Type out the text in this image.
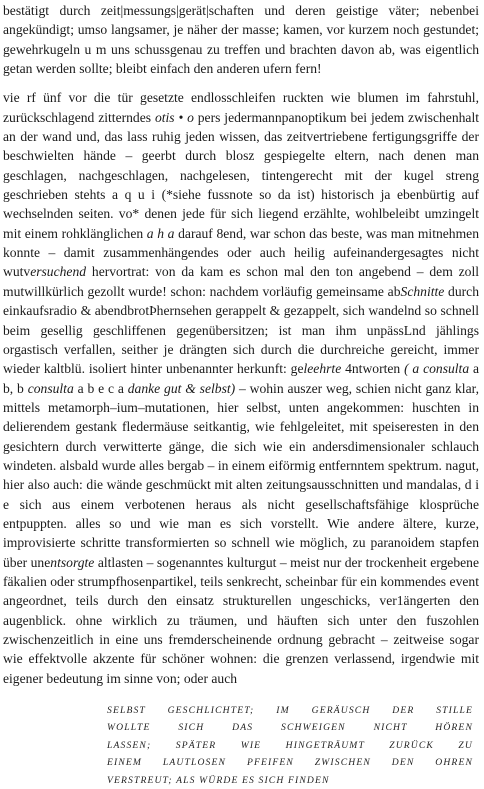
bestätigt durch zeit|messungs|gerät|schaften und deren geistige väter; nebenbei angekündigt; umso langsamer, je näher der masse; kamen, vor kurzem noch gestundet; gewehrkugeln u m uns schussgenau zu treffen und brachten davon ab, was eigentlich getan werden sollte; bleibt einfach den anderen ufern fern!

vie rf ünf vor die tür gesetzte endlosschleifen ruckten wie blumen im fahrstuhl, zurückschlagend zitterndes otis • o pers jedermannpanoptikum bei jedem zwischenhalt an der wand und, das lass ruhig jeden wissen, das zeitvertriebene fertigungsgriffe der beschwielten hände – geerbt durch blosz gespiegelte eltern, nach denen man geschlagen, nachgeschlagen, nachgelesen, tintengerecht mit der kugel streng geschrieben stehts a q u i (*siehe fussnote so da ist) historisch ja ebenbürtig auf wechselnden seiten. vo* denen jede für sich liegend erzählte, wohlbeleibt umzingelt mit einem rohklänglichen a h a darauf 8end, war schon das beste, was man mitnehmen konnte – damit zusammenhängendes oder auch heilig aufeinandergesagtes nicht wutversuchend hervortrat: von da kam es schon mal den ton angebend – dem zoll mutwillkürlich gezollt wurde! schon: nachdem vorläufig gemeinsame abSchnitte durch einkaufsradio & abendbrotÞhernsehen gerappelt & gezappelt, sich wandelnd so schnell beim gesellig geschliffenen gegenübersitzen; ist man ihm unpässLnd jählings orgastisch verfallen, seither je drängten sich durch die durchreiche gereicht, immer wieder kaltblü. isoliert hinter unbenannter herkunft: geleehrte 4ntworten ( a consulta a b, b consulta a b e c a danke gut & selbst) – wohin auszer weg, schien nicht ganz klar, mittels metamorph–ium–mutationen, hier selbst, unten angekommen: huschten in delierendem gestank fledermäuse seitkantig, wie fehlgeleitet, mit speiseresten in den gesichtern durch verwitterte gänge, die sich wie ein andersdimensionaler schlauch windeten. alsbald wurde alles bergab – in einem eiförmig entfernntem spektrum. nagut, hier also auch: die wände geschmückt mit alten zeitungsausschnitten und mandalas, d i e sich aus einem verbotenen heraus als nicht gesellschaftsfähige klosprüche entpuppten. alles so und wie man es sich vorstellt. Wie andere ältere, kurze, improvisierte schritte transformierten so schnell wie möglich, zu paranoidem stapfen über unentsorgte altlasten – sogenanntes kulturgut – meist nur der trockenheit ergebene fäkalien oder strumpfhosenpartikel, teils senkrecht, scheinbar für ein kommendes event angeordnet, teils durch den einsatz strukturellen ungeschicks, ver1ängerten den augenblick. ohne wirklich zu träumen, und häuften sich unter den fuszohlen zwischenzeitlich in eine uns fremderscheinende ordnung gebracht – zeitweise sogar wie effektvolle akzente für schöner wohnen: die grenzen verlassend, irgendwie mit eigener bedeutung im sinne von; oder auch

SELBST GESCHLICHTET; IM GERÄUSCH DER STILLE
WOLLTE SICH DAS SCHWEIGEN NICHT HÖREN
LASSEN; SPÄTER WIE HINGETRÄUMT ZURÜCK ZU
EINEM LAUTLOSEN PFEIFEN ZWISCHEN DEN OHREN
VERSTREUT; ALS WÜRDE ES SICH FINDEN
